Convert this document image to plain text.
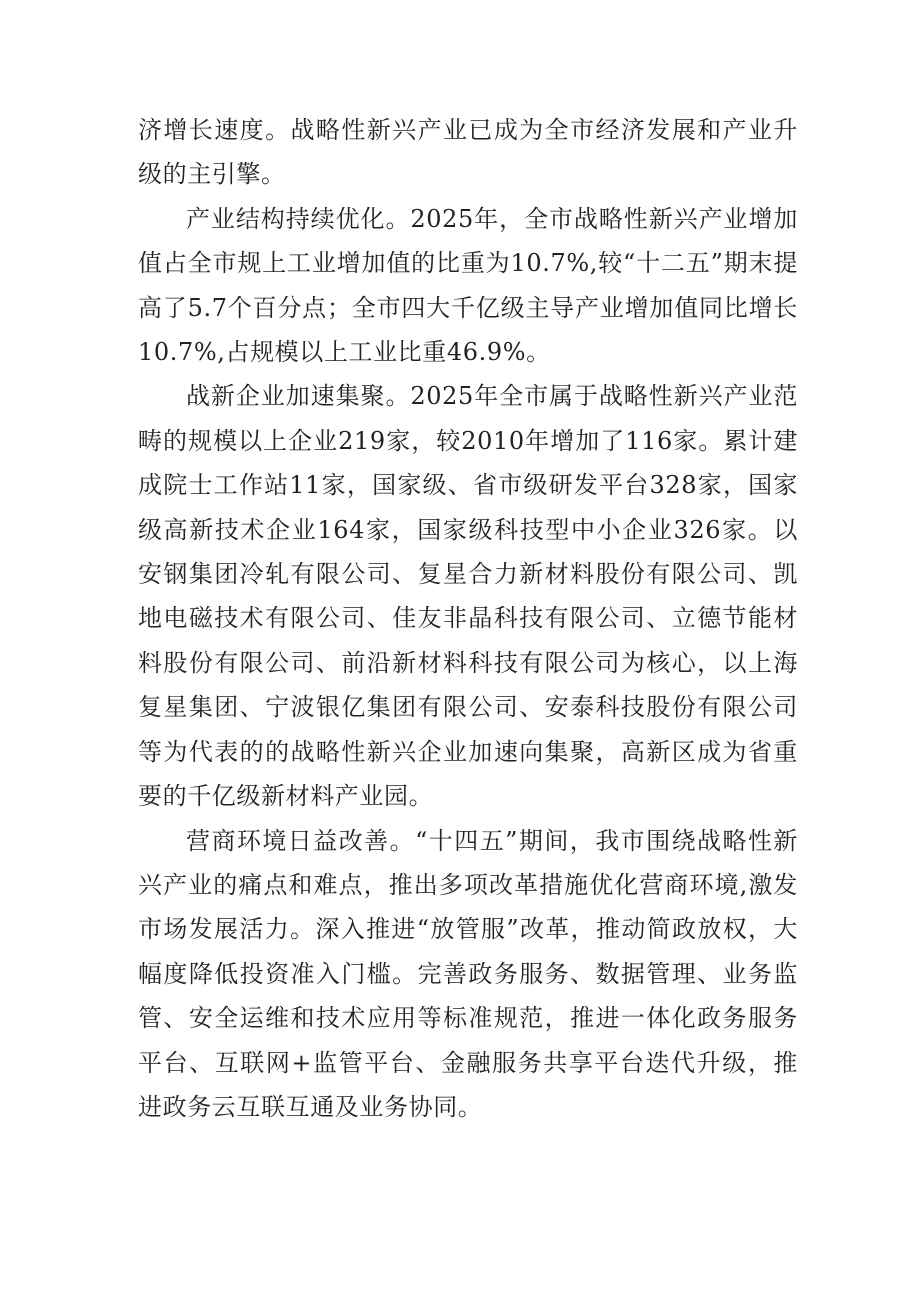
济增长速度。战略性新兴产业已成为全市经济发展和产业升级的主引擎。

产业结构持续优化。2025年，全市战略性新兴产业增加值占全市规上工业增加值的比重为10.7%,较“十二五”期末提高了5.7个百分点；全市四大千亿级主导产业增加值同比增长10.7%,占规模以上工业比重46.9%。

战新企业加速集聚。2025年全市属于战略性新兴产业范畴的规模以上企业219家，较2010年增加了116家。累计建成院士工作站11家，国家级、省市级研发平台328家，国家级高新技术企业164家，国家级科技型中小企业326家。以安钢集团冷轧有限公司、复星合力新材料股份有限公司、凯地电磁技术有限公司、佳友非晶科技有限公司、立德节能材料股份有限公司、前沿新材料科技有限公司为核心，以上海复星集团、宁波银亿集团有限公司、安泰科技股份有限公司等为代表的的战略性新兴企业加速向集聚，高新区成为省重要的千亿级新材料产业园。

营商环境日益改善。“十四五”期间，我市围绕战略性新兴产业的痛点和难点，推出多项改革措施优化营商环境,激发市场发展活力。深入推进“放管服”改革，推动简政放权，大幅度降低投资准入门槛。完善政务服务、数据管理、业务监管、安全运维和技术应用等标准规范，推进一体化政务服务平台、互联网+监管平台、金融服务共享平台迭代升级，推进政务云互联互通及业务协同。
